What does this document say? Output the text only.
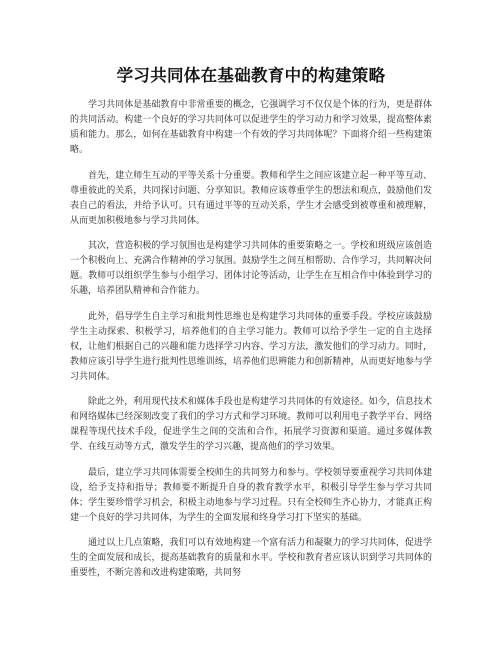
学习共同体在基础教育中的构建策略

学习共同体是基础教育中非常重要的概念，它强调学习不仅仅是个体的行为，更是群体的共同活动。构建一个良好的学习共同体可以促进学生的学习动力和学习效果，提高整体素质和能力。那么，如何在基础教育中构建一个有效的学习共同体呢？下面将介绍一些构建策略。

首先，建立师生互动的平等关系十分重要。教师和学生之间应该建立起一种平等互动、尊重彼此的关系，共同探讨问题、分享知识。教师应该尊重学生的想法和观点，鼓励他们发表自己的看法，并给予认可。只有通过平等的互动关系，学生才会感受到被尊重和被理解，从而更加积极地参与学习共同体。

其次，营造积极的学习氛围也是构建学习共同体的重要策略之一。学校和班级应该创造一个积极向上、充满合作精神的学习氛围。鼓励学生之间互相帮助、合作学习，共同解决问题。教师可以组织学生参与小组学习、团体讨论等活动，让学生在互相合作中体验到学习的乐趣，培养团队精神和合作能力。

此外，倡导学生自主学习和批判性思维也是构建学习共同体的重要手段。学校应该鼓励学生主动探索、积极学习，培养他们的自主学习能力。教师可以给予学生一定的自主选择权，让他们根据自己的兴趣和能力选择学习内容、学习方法，激发他们的学习动力。同时，教师应该引导学生进行批判性思维训练，培养他们思辨能力和创新精神，从而更好地参与学习共同体。

除此之外，利用现代技术和媒体手段也是构建学习共同体的有效途径。如今，信息技术和网络媒体已经深刻改变了我们的学习方式和学习环境。教师可以利用电子教学平台、网络课程等现代技术手段，促进学生之间的交流和合作，拓展学习资源和渠道。通过多媒体教学、在线互动等方式，激发学生的学习兴趣，提高他们的学习效果。

最后，建立学习共同体需要全校师生的共同努力和参与。学校领导要重视学习共同体建设，给予支持和指导；教师要不断提升自身的教育教学水平，积极引导学生参与学习共同体；学生要珍惜学习机会，积极主动地参与学习过程。只有全校师生齐心协力，才能真正构建一个良好的学习共同体，为学生的全面发展和终身学习打下坚实的基础。

通过以上几点策略，我们可以有效地构建一个富有活力和凝聚力的学习共同体，促进学生的全面发展和成长，提高基础教育的质量和水平。学校和教育者应该认识到学习共同体的重要性，不断完善和改进构建策略，共同努
